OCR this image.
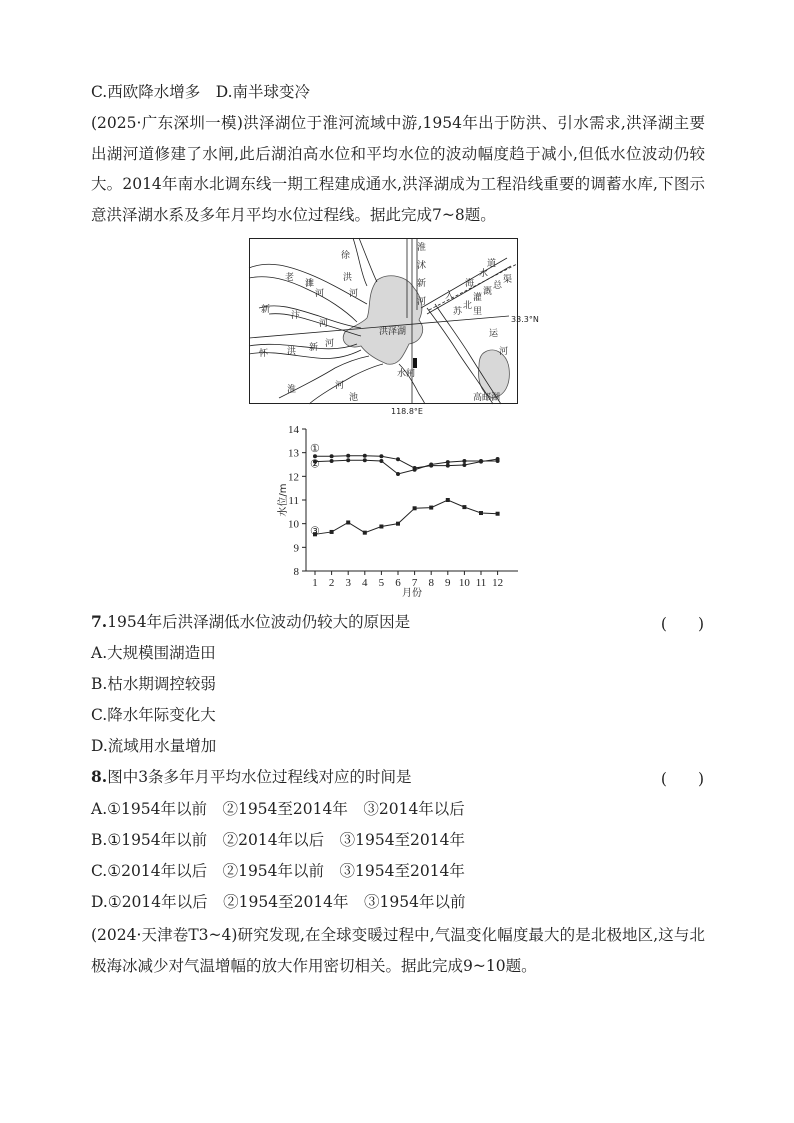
C.西欧降水增多　D.南半球变冷
(2025·广东深圳一模)洪泽湖位于淮河流域中游,1954年出于防洪、引水需求,洪泽湖主要出湖河道修建了水闸,此后湖泊高水位和平均水位的波动幅度趋于减小,但低水位波动仍较大。2014年南水北调东线一期工程建成通水,洪泽湖成为工程沿线重要的调蓄水库,下图示意洪泽湖水系及多年月平均水位过程线。据此完成7~8题。
徐
洪
河
老
濉
河
新
汴
河
淮
沭
新
河
入
海
水
道
苏
北
灌
溉
总
渠
洪泽湖
怀 洪 新 河
淮	河
池
里
运
河
水闸
高邮湖
33.3°N
118.8°E
水位/m
月份
8
9
10
11
12
13
14
1 2 3 4 5 6 7 8 9 10 11 12
①
②
③
7.1954年后洪泽湖低水位波动仍较大的原因是	(　　)
A.大规模围湖造田
B.枯水期调控较弱
C.降水年际变化大
D.流域用水量增加
8.图中3条多年月平均水位过程线对应的时间是	(　　)
A.①1954年以前　②1954至2014年　③2014年以后
B.①1954年以前　②2014年以后　③1954至2014年
C.①2014年以后　②1954年以前　③1954至2014年
D.①2014年以后　②1954至2014年　③1954年以前
(2024·天津卷T3~4)研究发现,在全球变暖过程中,气温变化幅度最大的是北极地区,这与北极海冰减少对气温增幅的放大作用密切相关。据此完成9~10题。
